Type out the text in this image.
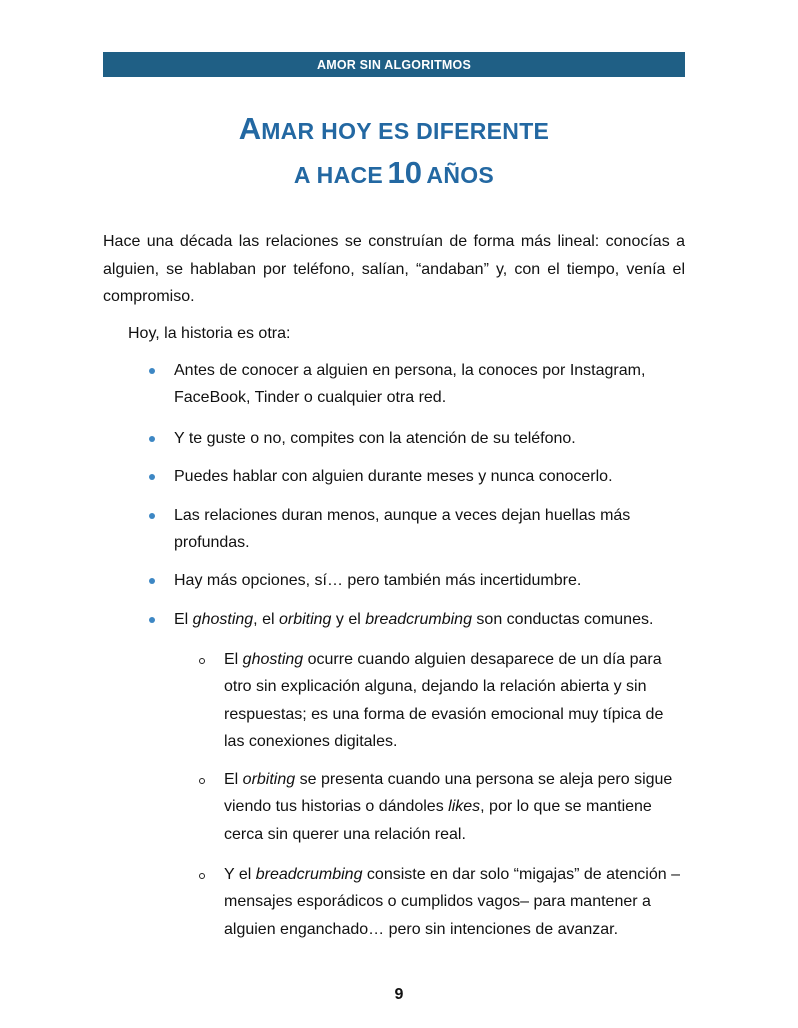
AMOR SIN ALGORITMOS
AMAR HOY ES DIFERENTE
A HACE 10 AÑOS

Hace una década las relaciones se construían de forma más lineal: conocías a alguien, se hablaban por teléfono, salían, “andaban” y, con el tiempo, venía el compromiso.

Hoy, la historia es otra:

Antes de conocer a alguien en persona, la conoces por Instagram, FaceBook, Tinder o cualquier otra red.
Y te guste o no, compites con la atención de su teléfono.
Puedes hablar con alguien durante meses y nunca conocerlo.
Las relaciones duran menos, aunque a veces dejan huellas más profundas.
Hay más opciones, sí… pero también más incertidumbre.
El ghosting, el orbiting y el breadcrumbing son conductas comunes.
El ghosting ocurre cuando alguien desaparece de un día para otro sin explicación alguna, dejando la relación abierta y sin respuestas; es una forma de evasión emocional muy típica de las conexiones digitales.
El orbiting se presenta cuando una persona se aleja pero sigue viendo tus historias o dándoles likes, por lo que se mantiene cerca sin querer una relación real.
Y el breadcrumbing consiste en dar solo “migajas” de atención –mensajes esporádicos o cumplidos vagos– para mantener a alguien enganchado… pero sin intenciones de avanzar.
9
